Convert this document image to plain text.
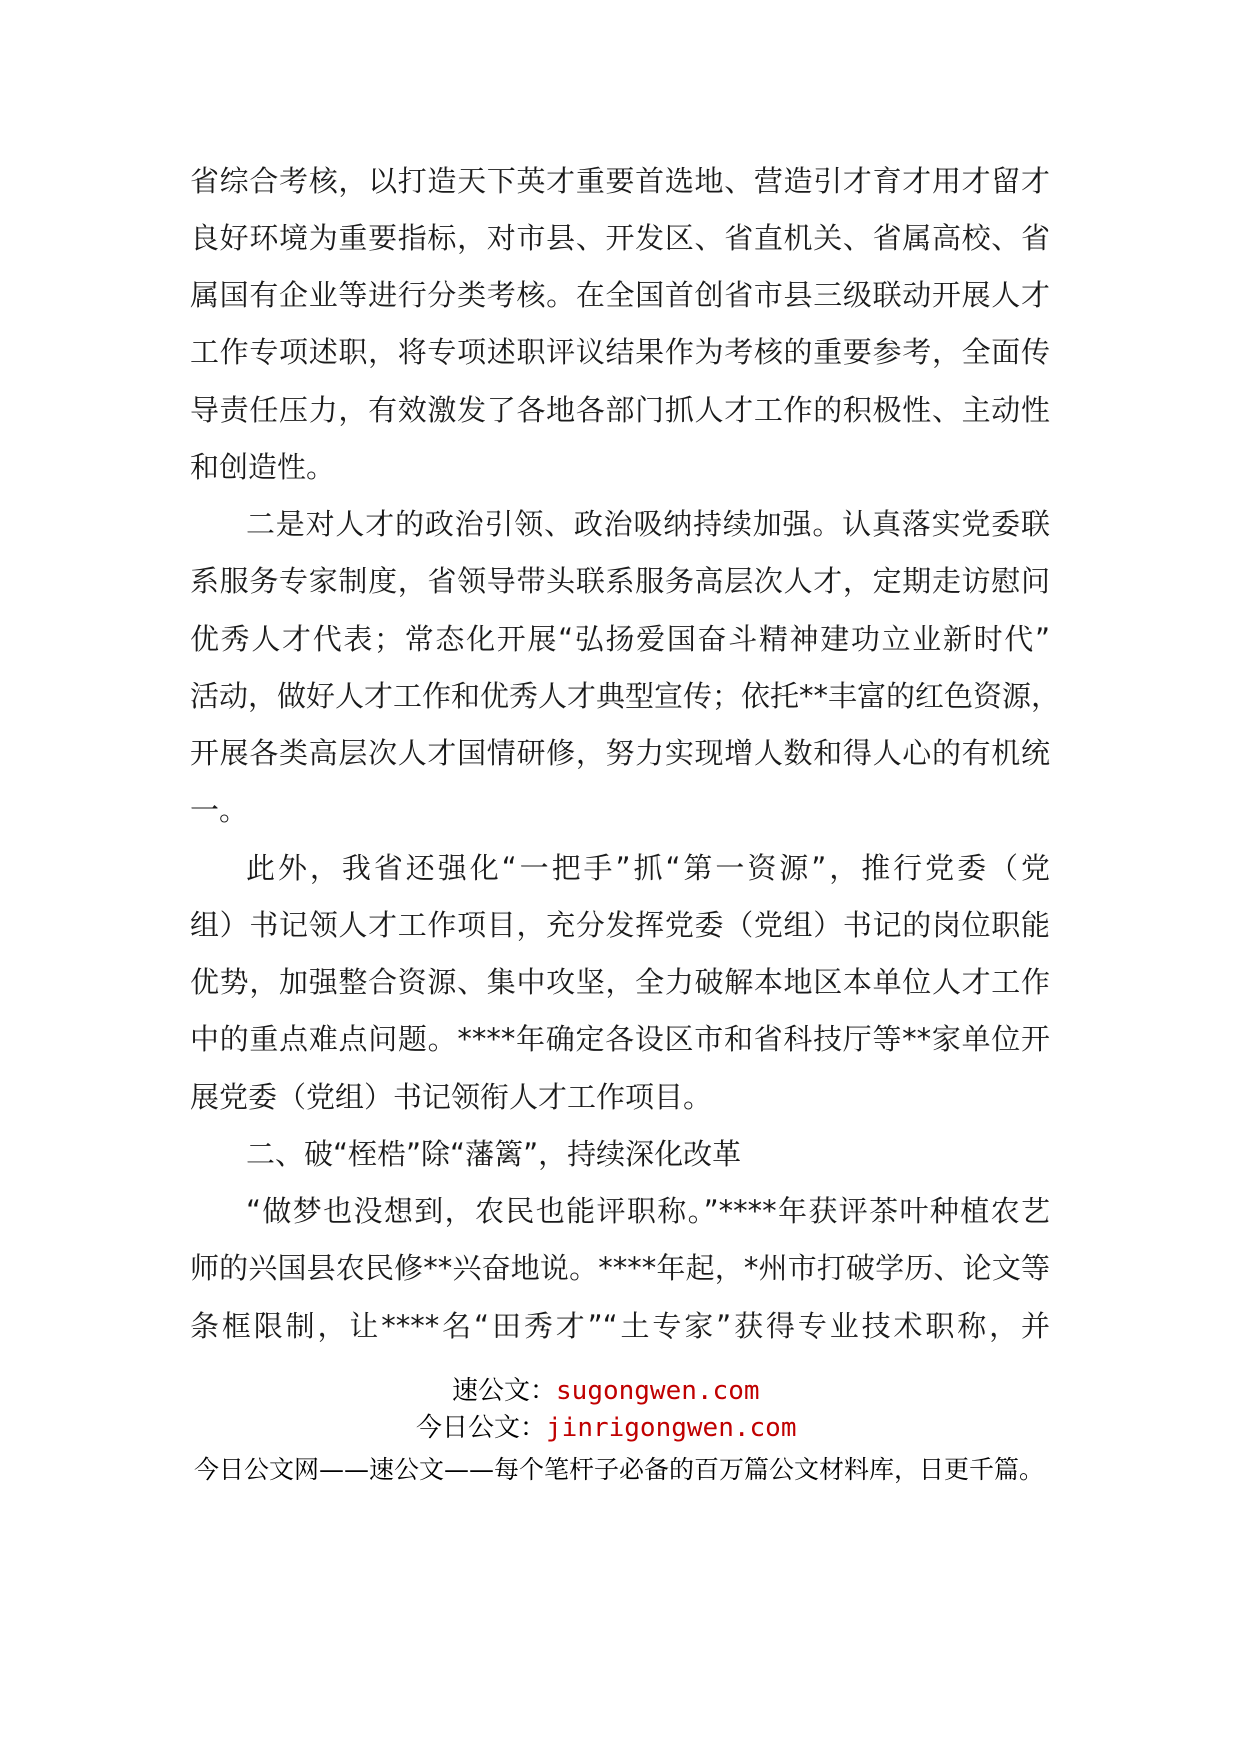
省综合考核，以打造天下英才重要首选地、营造引才育才用才留才
良好环境为重要指标，对市县、开发区、省直机关、省属高校、省
属国有企业等进行分类考核。在全国首创省市县三级联动开展人才
工作专项述职，将专项述职评议结果作为考核的重要参考，全面传
导责任压力，有效激发了各地各部门抓人才工作的积极性、主动性
和创造性。
二是对人才的政治引领、政治吸纳持续加强。认真落实党委联
系服务专家制度，省领导带头联系服务高层次人才，定期走访慰问
优秀人才代表；常态化开展“弘扬爱国奋斗精神建功立业新时代”
活动，做好人才工作和优秀人才典型宣传；依托**丰富的红色资源，
开展各类高层次人才国情研修，努力实现增人数和得人心的有机统
一。
此外，我省还强化“一把手”抓“第一资源”，推行党委（党
组）书记领人才工作项目，充分发挥党委（党组）书记的岗位职能
优势，加强整合资源、集中攻坚，全力破解本地区本单位人才工作
中的重点难点问题。****年确定各设区市和省科技厅等**家单位开
展党委（党组）书记领衔人才工作项目。
二、破“桎梏”除“藩篱”，持续深化改革
“做梦也没想到，农民也能评职称。”****年获评茶叶种植农艺
师的兴国县农民修**兴奋地说。****年起，*州市打破学历、论文等
条框限制，让****名“田秀才”“土专家”获得专业技术职称，并
速公文：sugongwen.com
今日公文：jinrigongwen.com
今日公文网——速公文——每个笔杆子必备的百万篇公文材料库，日更千篇。
